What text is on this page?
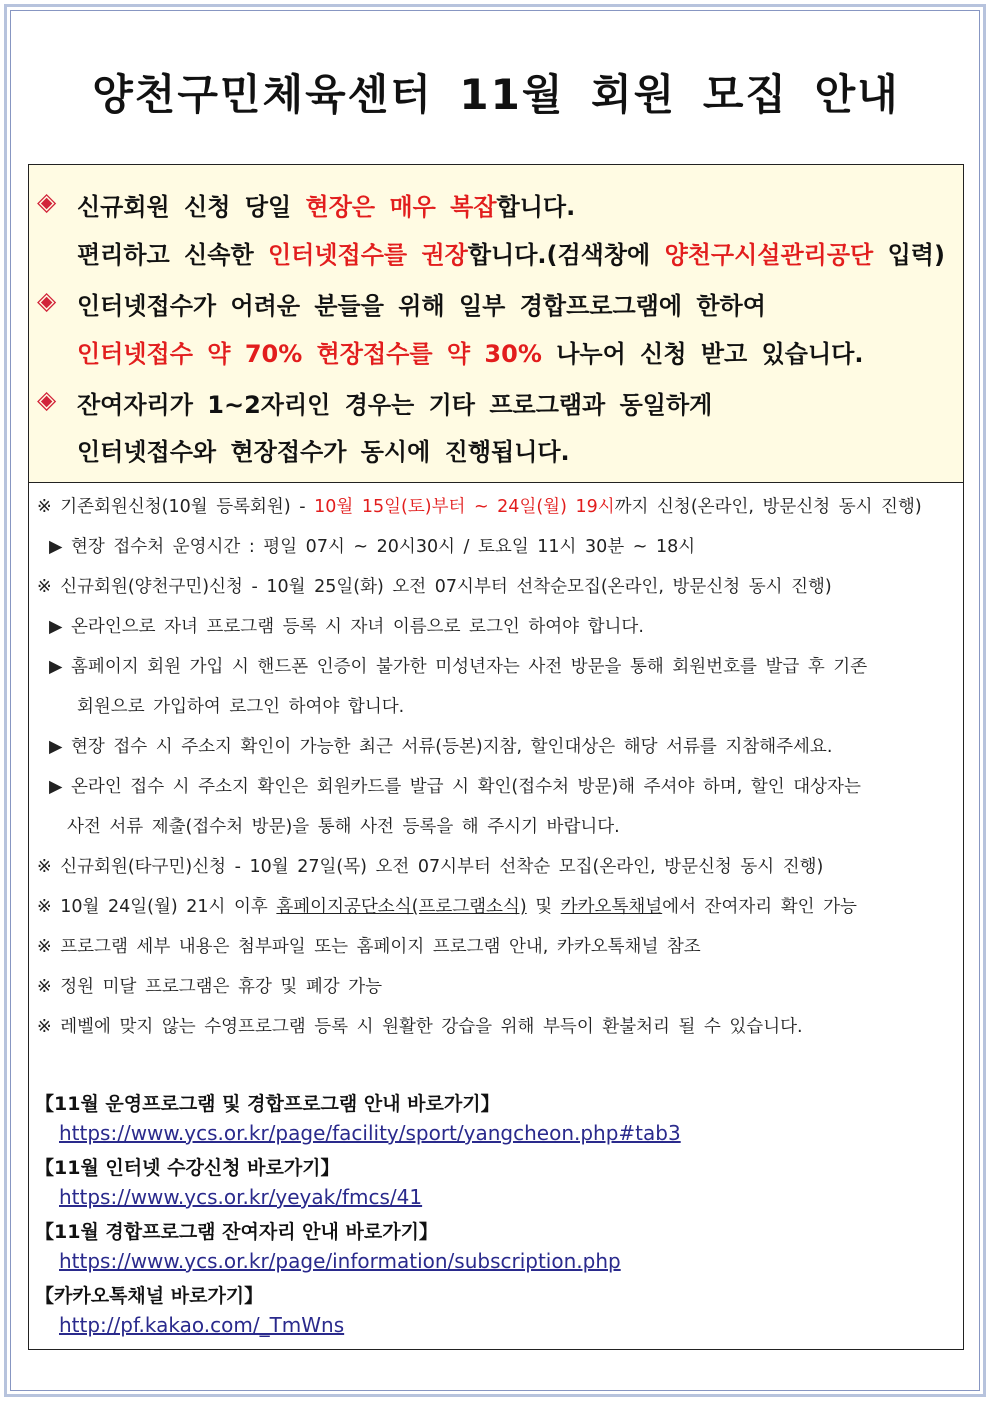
양천구민체육센터 11월 회원 모집 안내
◈ 신규회원 신청 당일 현장은 매우 복잡합니다.
편리하고 신속한 인터넷접수를 권장합니다.(검색창에 양천구시설관리공단 입력)
◈ 인터넷접수가 어려운 분들을 위해 일부 경합프로그램에 한하여
인터넷접수 약 70% 현장접수를 약 30% 나누어 신청 받고 있습니다.
◈ 잔여자리가 1~2자리인 경우는 기타 프로그램과 동일하게
인터넷접수와 현장접수가 동시에 진행됩니다.
※ 기존회원신청(10월 등록회원) - 10월 15일(토)부터 ~ 24일(월) 19시까지 신청(온라인, 방문신청 동시 진행)
▶ 현장 접수처 운영시간 : 평일 07시 ~ 20시30시 / 토요일 11시 30분 ~ 18시
※ 신규회원(양천구민)신청 - 10월 25일(화) 오전 07시부터 선착순모집(온라인, 방문신청 동시 진행)
▶ 온라인으로 자녀 프로그램 등록 시 자녀 이름으로 로그인 하여야 합니다.
▶ 홈페이지 회원 가입 시 핸드폰 인증이 불가한 미성년자는 사전 방문을 통해 회원번호를 발급 후 기존
회원으로 가입하여 로그인 하여야 합니다.
▶ 현장 접수 시 주소지 확인이 가능한 최근 서류(등본)지참, 할인대상은 해당 서류를 지참해주세요.
▶ 온라인 접수 시 주소지 확인은 회원카드를 발급 시 확인(접수처 방문)해 주셔야 하며, 할인 대상자는
사전 서류 제출(접수처 방문)을 통해 사전 등록을 해 주시기 바랍니다.
※ 신규회원(타구민)신청 - 10월 27일(목) 오전 07시부터 선착순 모집(온라인, 방문신청 동시 진행)
※ 10월 24일(월) 21시 이후 홈페이지공단소식(프로그램소식) 및 카카오톡채널에서 잔여자리 확인 가능
※ 프로그램 세부 내용은 첨부파일 또는 홈페이지 프로그램 안내, 카카오톡채널 참조
※ 정원 미달 프로그램은 휴강 및 폐강 가능
※ 레벨에 맞지 않는 수영프로그램 등록 시 원활한 강습을 위해 부득이 환불처리 될 수 있습니다.
【11월 운영프로그램 및 경합프로그램 안내 바로가기】
https://www.ycs.or.kr/page/facility/sport/yangcheon.php#tab3
【11월 인터넷 수강신청 바로가기】
https://www.ycs.or.kr/yeyak/fmcs/41
【11월 경합프로그램 잔여자리 안내 바로가기】
https://www.ycs.or.kr/page/information/subscription.php
【카카오톡채널 바로가기】
http://pf.kakao.com/_TmWns
